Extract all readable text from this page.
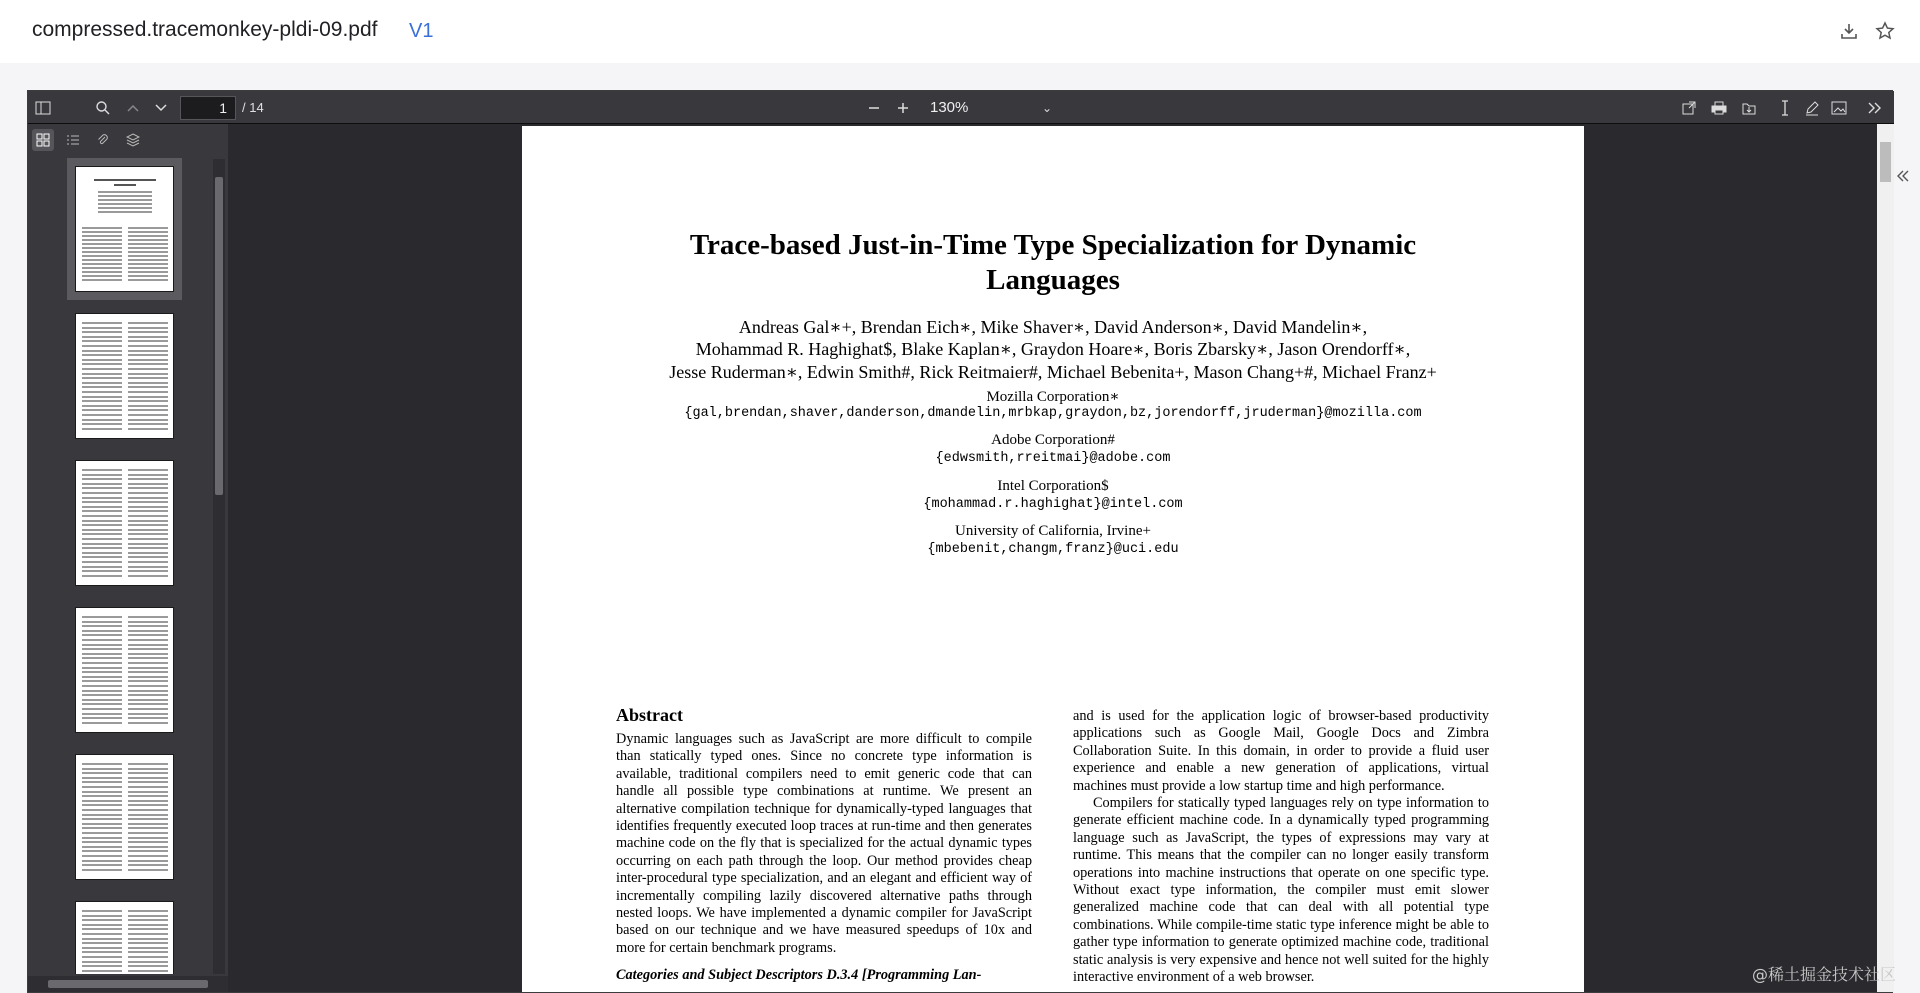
compressed.tracemonkey-pldi-09.pdf V1
1	/ 14	130%	⌄
Trace-based Just-in-Time Type Specialization for Dynamic
Languages
Andreas Gal∗+, Brendan Eich∗, Mike Shaver∗, David Anderson∗, David Mandelin∗,
Mohammad R. Haghighat$, Blake Kaplan∗, Graydon Hoare∗, Boris Zbarsky∗, Jason Orendorff∗,
Jesse Ruderman∗, Edwin Smith#, Rick Reitmaier#, Michael Bebenita+, Mason Chang+#, Michael Franz+
Mozilla Corporation∗
{gal,brendan,shaver,danderson,dmandelin,mrbkap,graydon,bz,jorendorff,jruderman}@mozilla.com
Adobe Corporation#
{edwsmith,rreitmai}@adobe.com
Intel Corporation$
{mohammad.r.haghighat}@intel.com
University of California, Irvine+
{mbebenit,changm,franz}@uci.edu
Abstract

Dynamic languages such as JavaScript are more difficult to compile than statically typed ones. Since no concrete type information is available, traditional compilers need to emit generic code that can handle all possible type combinations at runtime. We present an alternative compilation technique for dynamically-typed languages that identifies frequently executed loop traces at run-time and then generates machine code on the fly that is specialized for the actual dynamic types occurring on each path through the loop. Our method provides cheap inter-procedural type specialization, and an elegant and efficient way of incrementally compiling lazily discovered alternative paths through nested loops. We have implemented a dynamic compiler for JavaScript based on our technique and we have measured speedups of 10x and more for certain benchmark programs.

Categories and Subject Descriptors D.3.4 [Programming Lan-

and is used for the application logic of browser-based productivity applications such as Google Mail, Google Docs and Zimbra Collaboration Suite. In this domain, in order to provide a fluid user experience and enable a new generation of applications, virtual machines must provide a low startup time and high performance.

Compilers for statically typed languages rely on type information to generate efficient machine code. In a dynamically typed programming language such as JavaScript, the types of expressions may vary at runtime. This means that the compiler can no longer easily transform operations into machine instructions that operate on one specific type. Without exact type information, the compiler must emit slower generalized machine code that can deal with all potential type combinations. While compile-time static type inference might be able to gather type information to generate optimized machine code, traditional static analysis is very expensive and hence not well suited for the highly interactive environment of a web browser.	@稀土掘金技术社区
